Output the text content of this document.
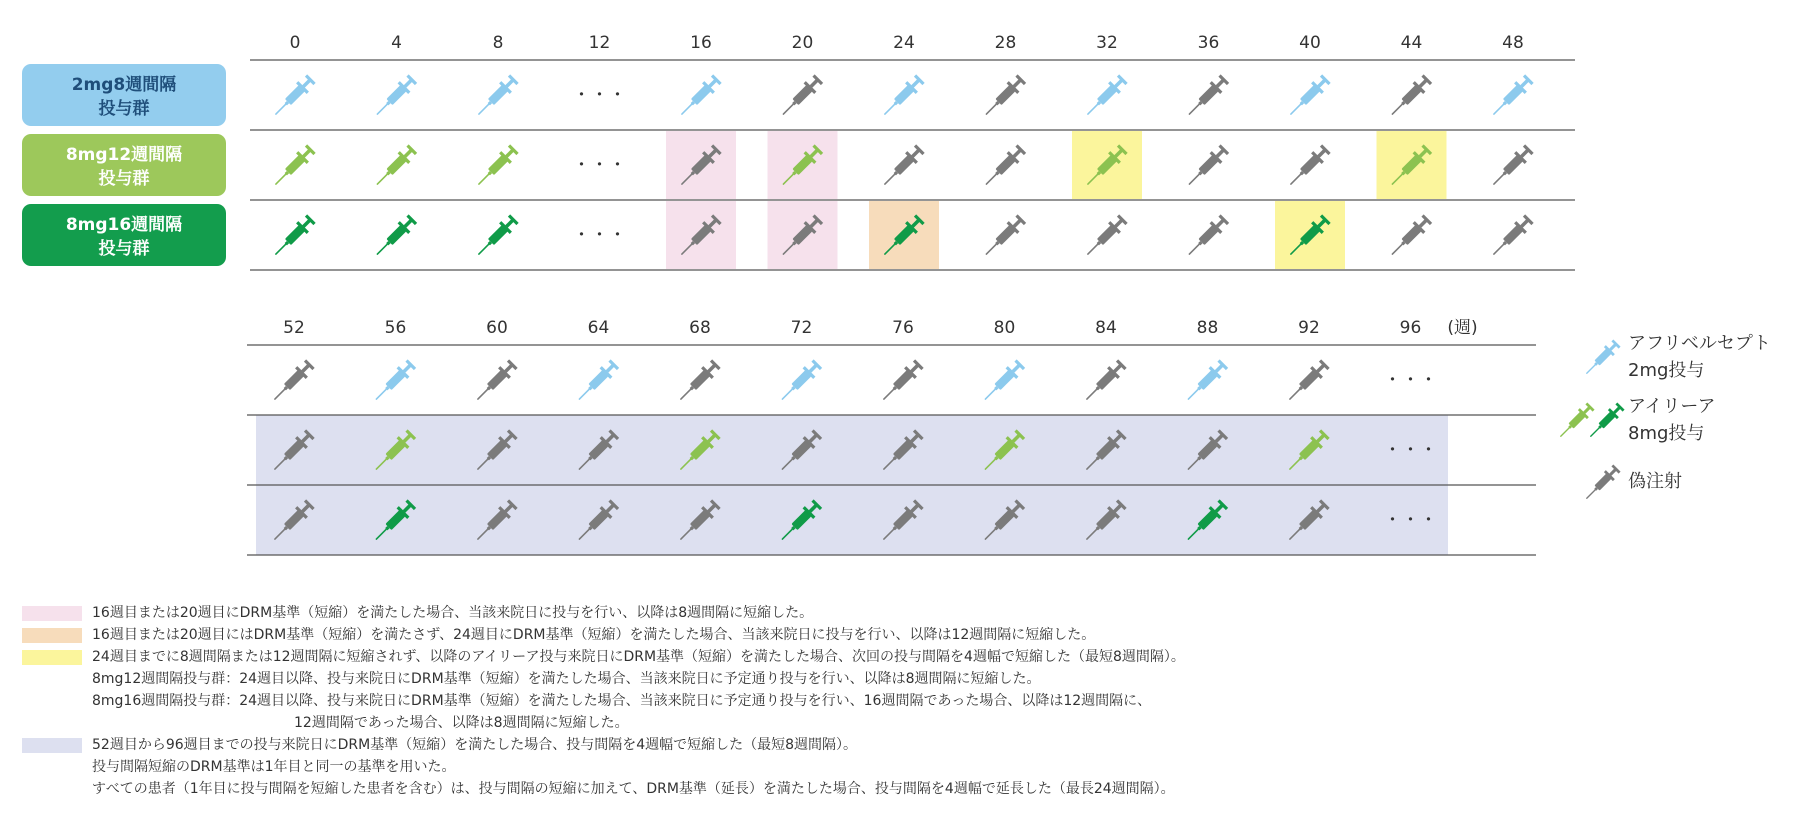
2mg8週間隔
投与群
8mg12週間隔
投与群
8mg16週間隔
投与群
0	4	8	12	16	20	24	28	32	36	40	44	48
・・・
・・・
・・・
52	56	60	64	68	72	76	80	84	88	92	96 (週)
・・・
・・・
・・・
アフリベルセプト
2mg投与
アイリーア
8mg投与
偽注射
16週目または20週目にDRM基準（短縮）を満たした場合、当該来院日に投与を行い、以降は8週間隔に短縮した。
16週目または20週目にはDRM基準（短縮）を満たさず、24週目にDRM基準（短縮）を満たした場合、当該来院日に投与を行い、以降は12週間隔に短縮した。
24週目までに8週間隔または12週間隔に短縮されず、以降のアイリーア投与来院日にDRM基準（短縮）を満たした場合、次回の投与間隔を4週幅で短縮した（最短8週間隔）。
8mg12週間隔投与群：24週目以降、投与来院日にDRM基準（短縮）を満たした場合、当該来院日に予定通り投与を行い、以降は8週間隔に短縮した。
8mg16週間隔投与群：24週目以降、投与来院日にDRM基準（短縮）を満たした場合、当該来院日に予定通り投与を行い、16週間隔であった場合、以降は12週間隔に、
12週間隔であった場合、以降は8週間隔に短縮した。
52週目から96週目までの投与来院日にDRM基準（短縮）を満たした場合、投与間隔を4週幅で短縮した（最短8週間隔）。
投与間隔短縮のDRM基準は1年目と同一の基準を用いた。
すべての患者（1年目に投与間隔を短縮した患者を含む）は、投与間隔の短縮に加えて、DRM基準（延長）を満たした場合、投与間隔を4週幅で延長した（最長24週間隔）。
